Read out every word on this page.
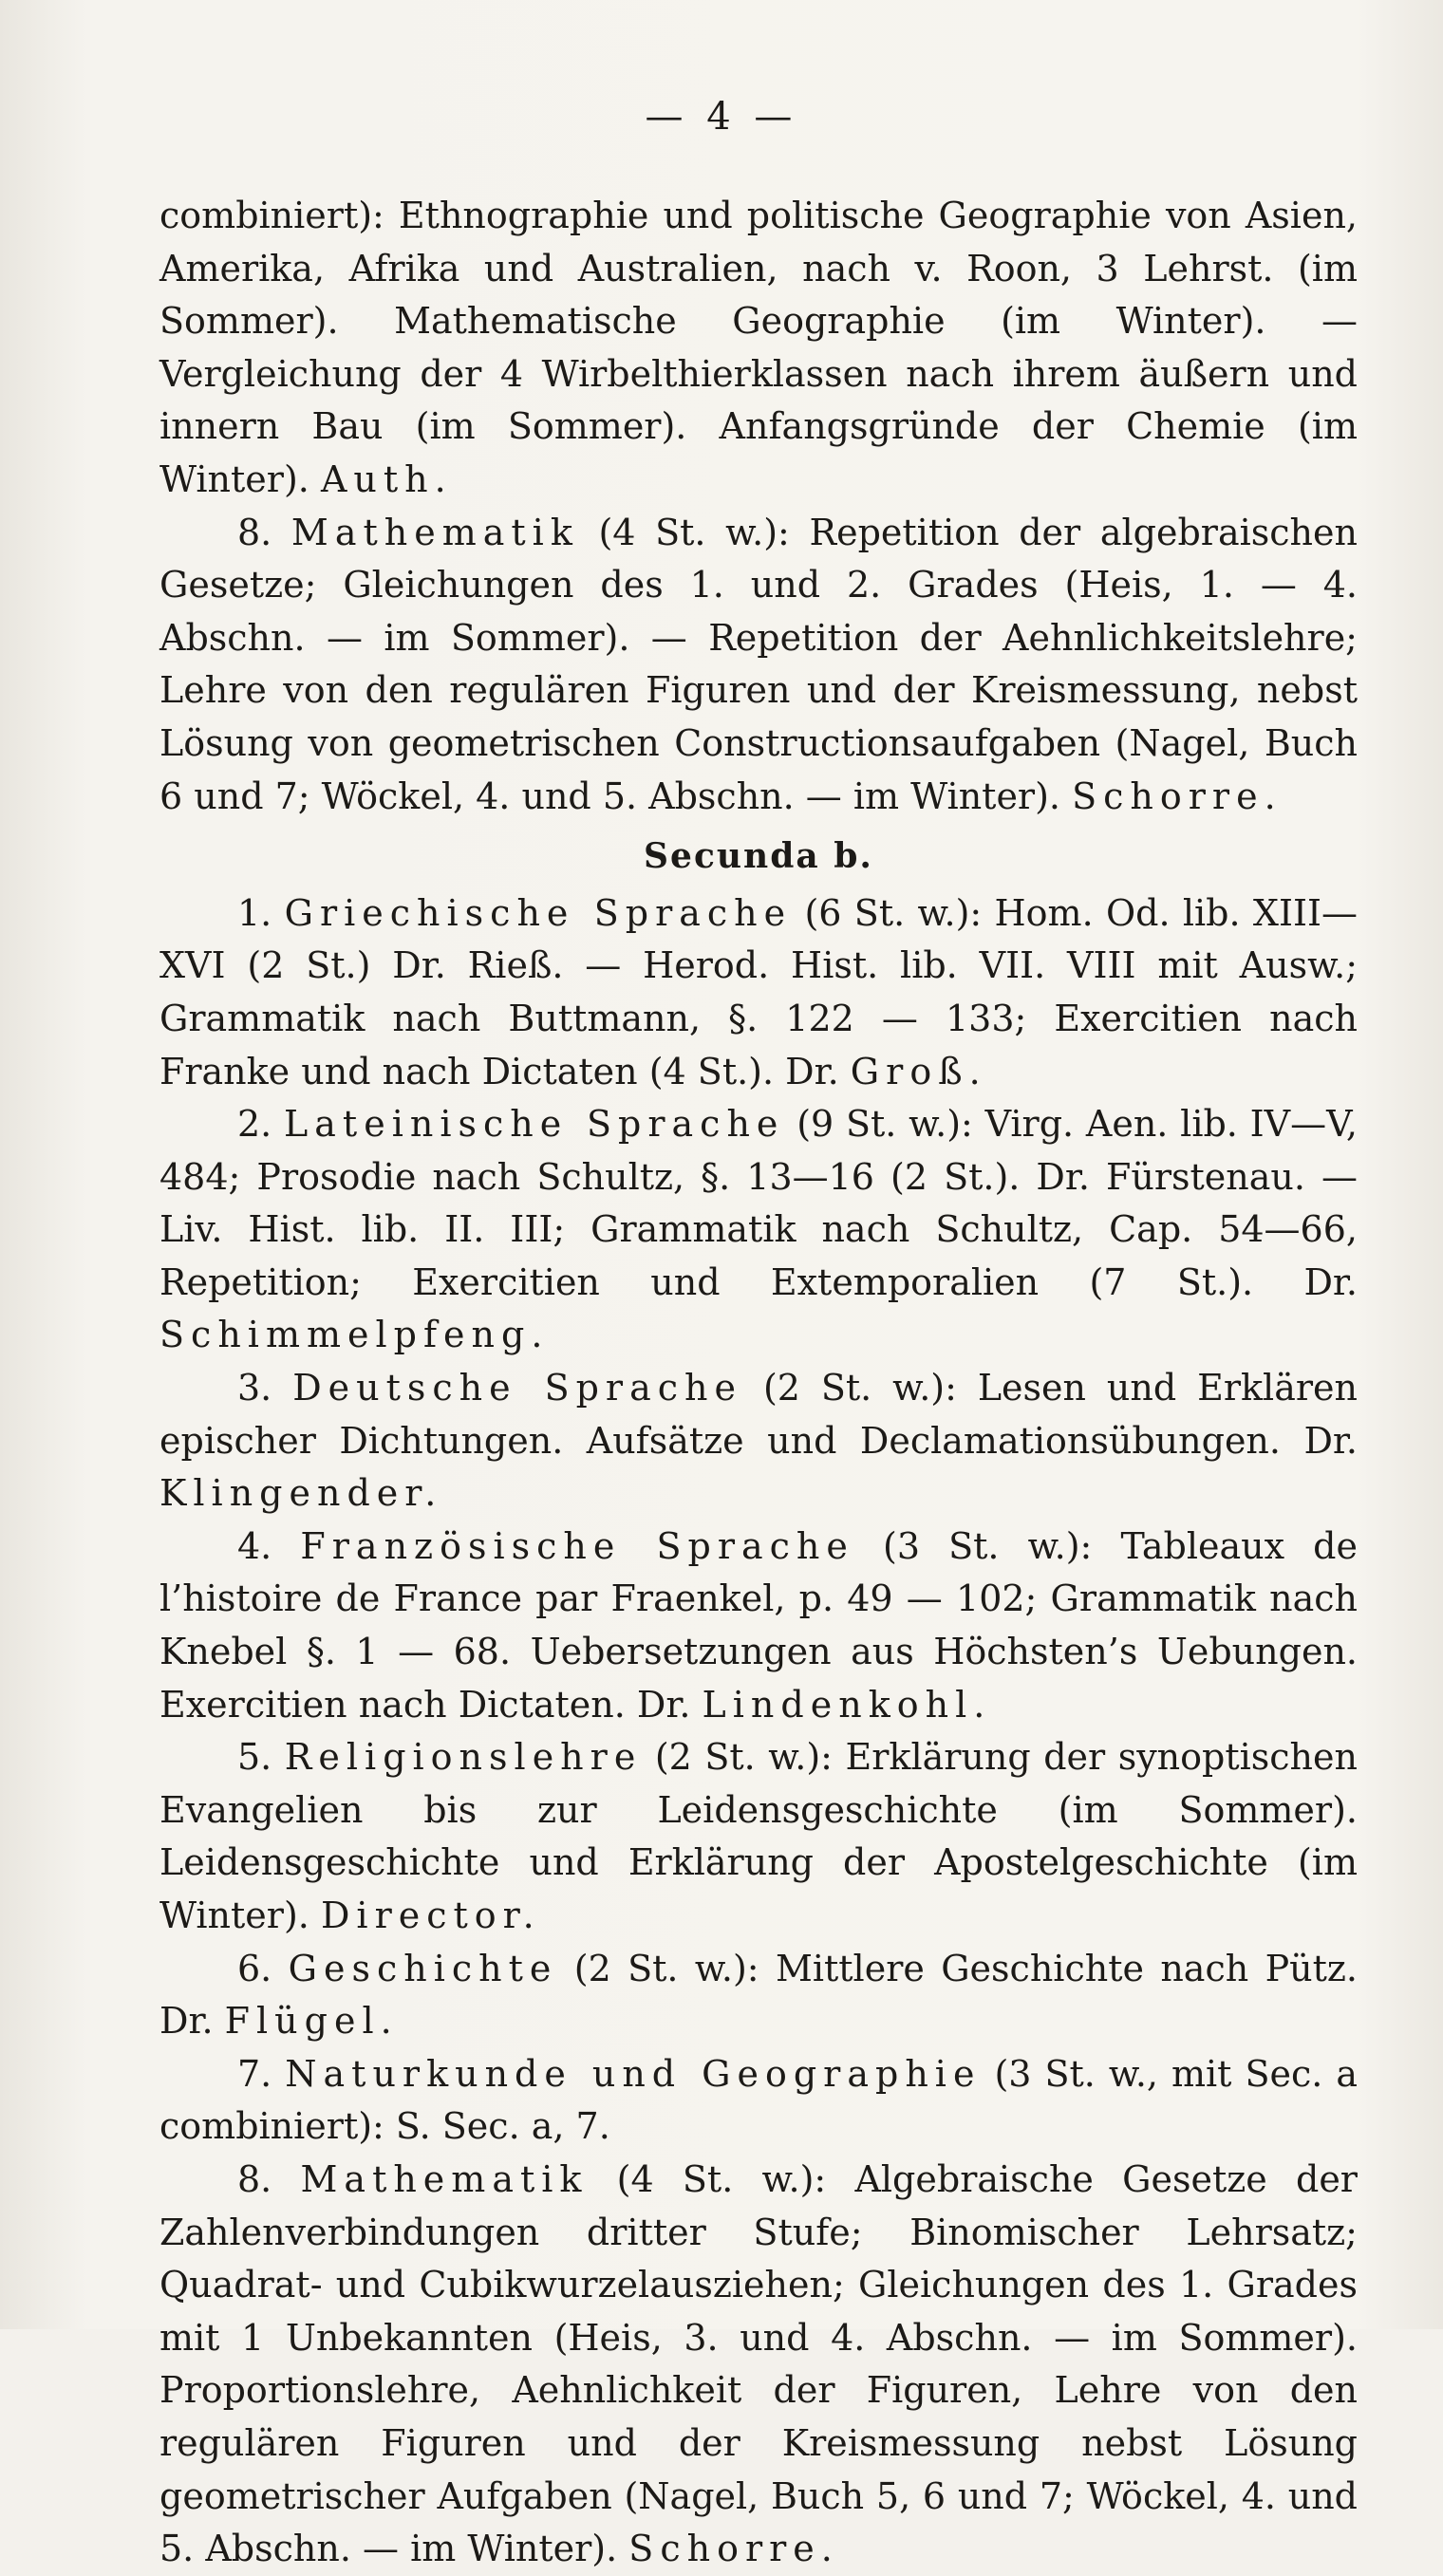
— 4 —

combiniert): Ethnographie und politische Geographie von Asien, Amerika, Afrika und Australien, nach v. Roon, 3 Lehrst. (im Sommer). Mathematische Geographie (im Winter). — Vergleichung der 4 Wirbelthierklassen nach ihrem äußern und innern Bau (im Sommer). Anfangsgründe der Chemie (im Winter). Auth.

8. Mathematik (4 St. w.): Repetition der algebraischen Gesetze; Gleichungen des 1. und 2. Grades (Heis, 1. — 4. Abschn. — im Sommer). — Repetition der Aehnlichkeitslehre; Lehre von den regulären Figuren und der Kreismessung, nebst Lösung von geometrischen Constructionsaufgaben (Nagel, Buch 6 und 7; Wöckel, 4. und 5. Abschn. — im Winter). Schorre.

Secunda b.

1. Griechische Sprache (6 St. w.): Hom. Od. lib. XIII—XVI (2 St.) Dr. Rieß. — Herod. Hist. lib. VII. VIII mit Ausw.; Grammatik nach Buttmann, §. 122 — 133; Exercitien nach Franke und nach Dictaten (4 St.). Dr. Groß.

2. Lateinische Sprache (9 St. w.): Virg. Aen. lib. IV—V, 484; Prosodie nach Schultz, §. 13—16 (2 St.). Dr. Fürstenau. — Liv. Hist. lib. II. III; Grammatik nach Schultz, Cap. 54—66, Repetition; Exercitien und Extemporalien (7 St.). Dr. Schimmelpfeng.

3. Deutsche Sprache (2 St. w.): Lesen und Erklären epischer Dichtungen. Aufsätze und Declamationsübungen. Dr. Klingender.

4. Französische Sprache (3 St. w.): Tableaux de l’histoire de France par Fraenkel, p. 49 — 102; Grammatik nach Knebel §. 1 — 68. Uebersetzungen aus Höchsten’s Uebungen. Exercitien nach Dictaten. Dr. Lindenkohl.

5. Religionslehre (2 St. w.): Erklärung der synoptischen Evangelien bis zur Leidensgeschichte (im Sommer). Leidensgeschichte und Erklärung der Apostelgeschichte (im Winter). Director.

6. Geschichte (2 St. w.): Mittlere Geschichte nach Pütz. Dr. Flügel.

7. Naturkunde und Geographie (3 St. w., mit Sec. a combiniert): S. Sec. a, 7.

8. Mathematik (4 St. w.): Algebraische Gesetze der Zahlenverbindungen dritter Stufe; Binomischer Lehrsatz; Quadrat- und Cubikwurzelausziehen; Gleichungen des 1. Grades mit 1 Unbekannten (Heis, 3. und 4. Abschn. — im Sommer). Proportionslehre, Aehnlichkeit der Figuren, Lehre von den regulären Figuren und der Kreismessung nebst Lösung geometrischer Aufgaben (Nagel, Buch 5, 6 und 7; Wöckel, 4. und 5. Abschn. — im Winter). Schorre.
